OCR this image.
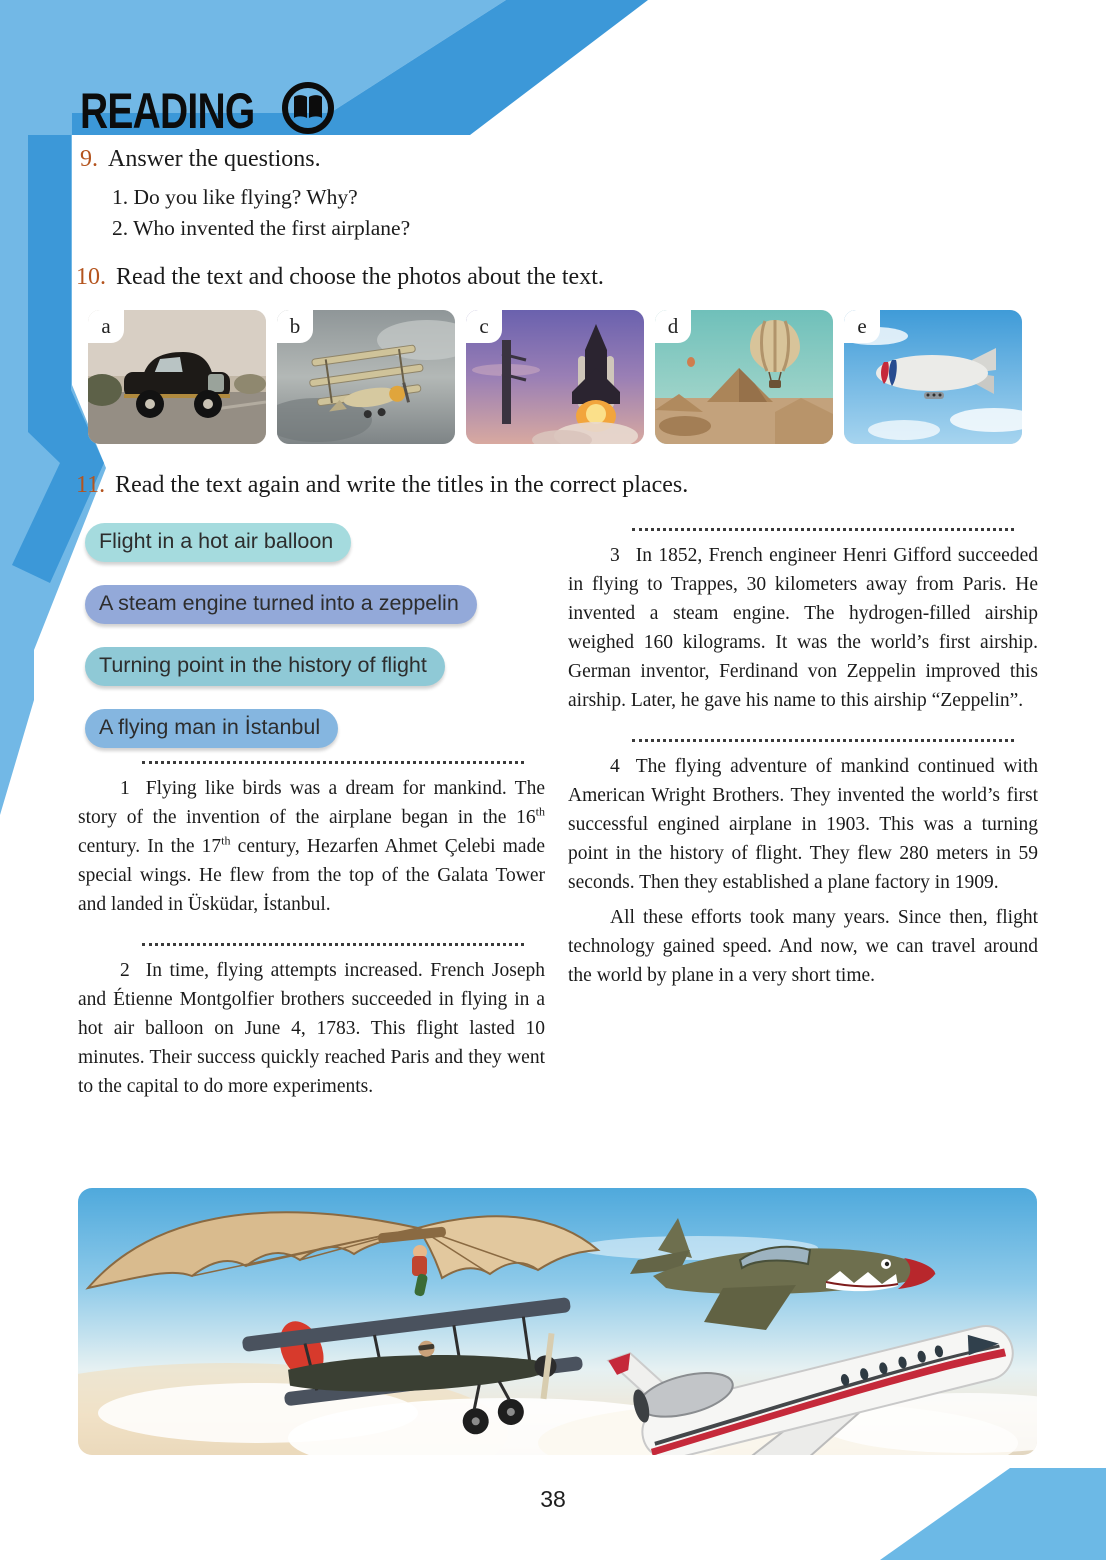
READING
9. Answer the questions.
1. Do you like flying? Why?
2. Who invented the first airplane?
10. Read the text and choose the photos about the text.
a	b	c	d	e
11. Read the text again and write the titles in the correct places.
Flight in a hot air balloon
A steam engine turned into a zeppelin
Turning point in the history of flight
A flying man in İstanbul

1 Flying like birds was a dream for mankind. The story of the invention of the airplane began in the 16th century. In the 17th century, Hezarfen Ahmet Çelebi made special wings. He flew from the top of the Galata Tower and landed in Üsküdar, İstanbul.

2 In time, flying attempts increased. French Joseph and Étienne Montgolfier brothers succeeded in flying in a hot air balloon on June 4, 1783. This flight lasted 10 minutes. Their success quickly reached Paris and they went to the capital to do more experiments.

3 In 1852, French engineer Henri Gifford succeeded in flying to Trappes, 30 kilometers away from Paris. He invented a steam engine. The hydrogen-filled airship weighed 160 kilograms. It was the world’s first airship. German inventor, Ferdinand von Zeppelin improved this airship. Later, he gave his name to this airship “Zeppelin”.

4 The flying adventure of mankind continued with American Wright Brothers. They invented the world’s first successful engined airplane in 1903. This was a turning point in the history of flight. They flew 280 meters in 59 seconds. Then they established a plane factory in 1909.

All these efforts took many years. Since then, flight technology gained speed. And now, we can travel around the world by plane in a very short time.

38
